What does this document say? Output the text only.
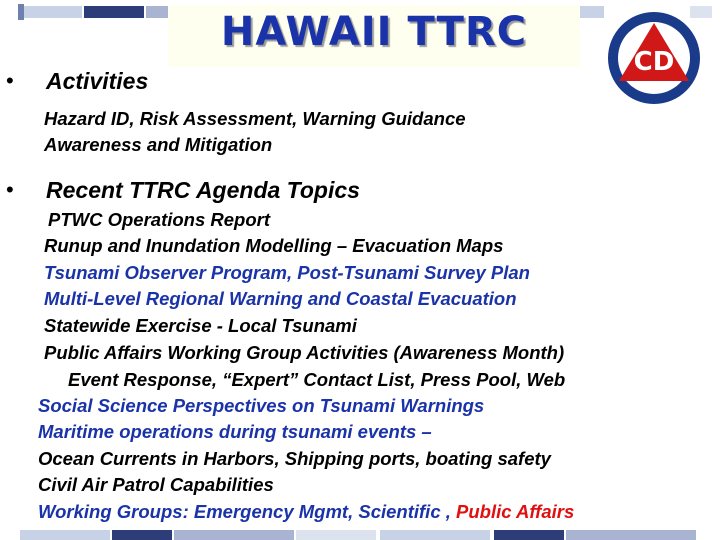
HAWAII TTRC
CD
• Activities
Hazard ID, Risk Assessment, Warning Guidance
Awareness and Mitigation
• Recent TTRC Agenda Topics
PTWC Operations Report
Runup and Inundation Modelling – Evacuation Maps
Tsunami Observer Program, Post-Tsunami Survey Plan
Multi-Level Regional Warning and Coastal Evacuation
Statewide Exercise - Local Tsunami
Public Affairs Working Group Activities (Awareness Month)
Event Response, “Expert” Contact List, Press Pool, Web
Social Science Perspectives on Tsunami Warnings
Maritime operations during tsunami events –
Ocean Currents in Harbors, Shipping ports, boating safety
Civil Air Patrol Capabilities
Working Groups: Emergency Mgmt, Scientific , Public Affairs
